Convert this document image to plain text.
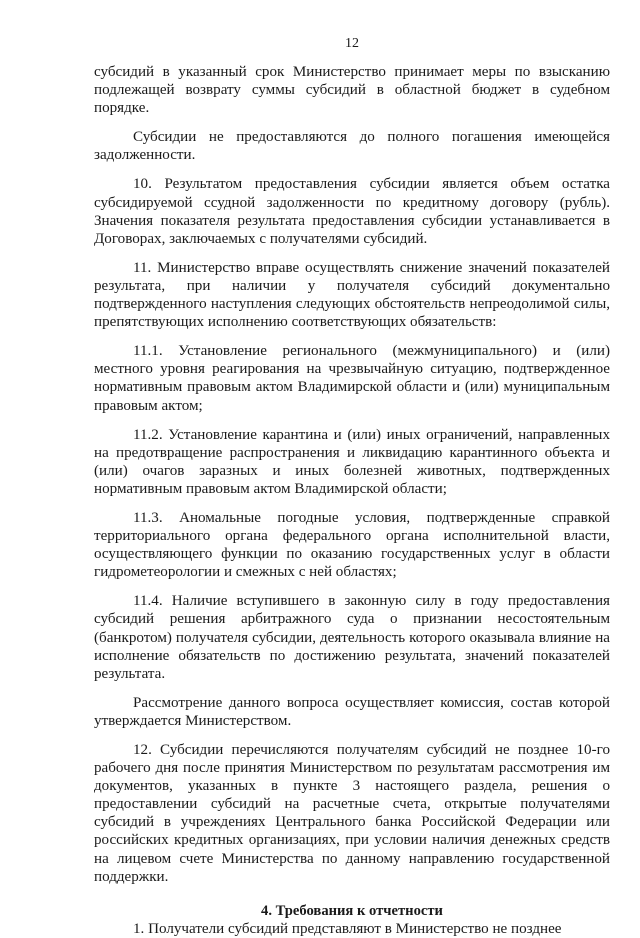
12

субсидий в указанный срок Министерство принимает меры по взысканию подлежащей возврату суммы субсидий в областной бюджет в судебном порядке.

Субсидии не предоставляются до полного погашения имеющейся задолженности.

10. Результатом предоставления субсидии является объем остатка субсидируемой ссудной задолженности по кредитному договору (рубль). Значения показателя результата предоставления субсидии устанавливается в Договорах, заключаемых с получателями субсидий.

11. Министерство вправе осуществлять снижение значений показателей результата, при наличии у получателя субсидий документально подтвержденного наступления следующих обстоятельств непреодолимой силы, препятствующих исполнению соответствующих обязательств:

11.1. Установление регионального (межмуниципального) и (или) местного уровня реагирования на чрезвычайную ситуацию, подтвержденное нормативным правовым актом Владимирской области и (или) муниципальным правовым актом;

11.2. Установление карантина и (или) иных ограничений, направленных на предотвращение распространения и ликвидацию карантинного объекта и (или) очагов заразных и иных болезней животных, подтвержденных нормативным правовым актом Владимирской области;

11.3. Аномальные погодные условия, подтвержденные справкой территориального органа федерального органа исполнительной власти, осуществляющего функции по оказанию государственных услуг в области гидрометеорологии и смежных с ней областях;

11.4. Наличие вступившего в законную силу в году предоставления субсидий решения арбитражного суда о признании несостоятельным (банкротом) получателя субсидии, деятельность которого оказывала влияние на исполнение обязательств по достижению результата, значений показателей результата.

Рассмотрение данного вопроса осуществляет комиссия, состав которой утверждается Министерством.

12. Субсидии перечисляются получателям субсидий не позднее 10-го рабочего дня после принятия Министерством по результатам рассмотрения им документов, указанных в пункте 3 настоящего раздела, решения о предоставлении субсидий на расчетные счета, открытые получателями субсидий в учреждениях Центрального банка Российской Федерации или российских кредитных организациях, при условии наличия денежных средств на лицевом счете Министерства по данному направлению государственной поддержки.

4. Требования к отчетности

1. Получатели субсидий представляют в Министерство не позднее
